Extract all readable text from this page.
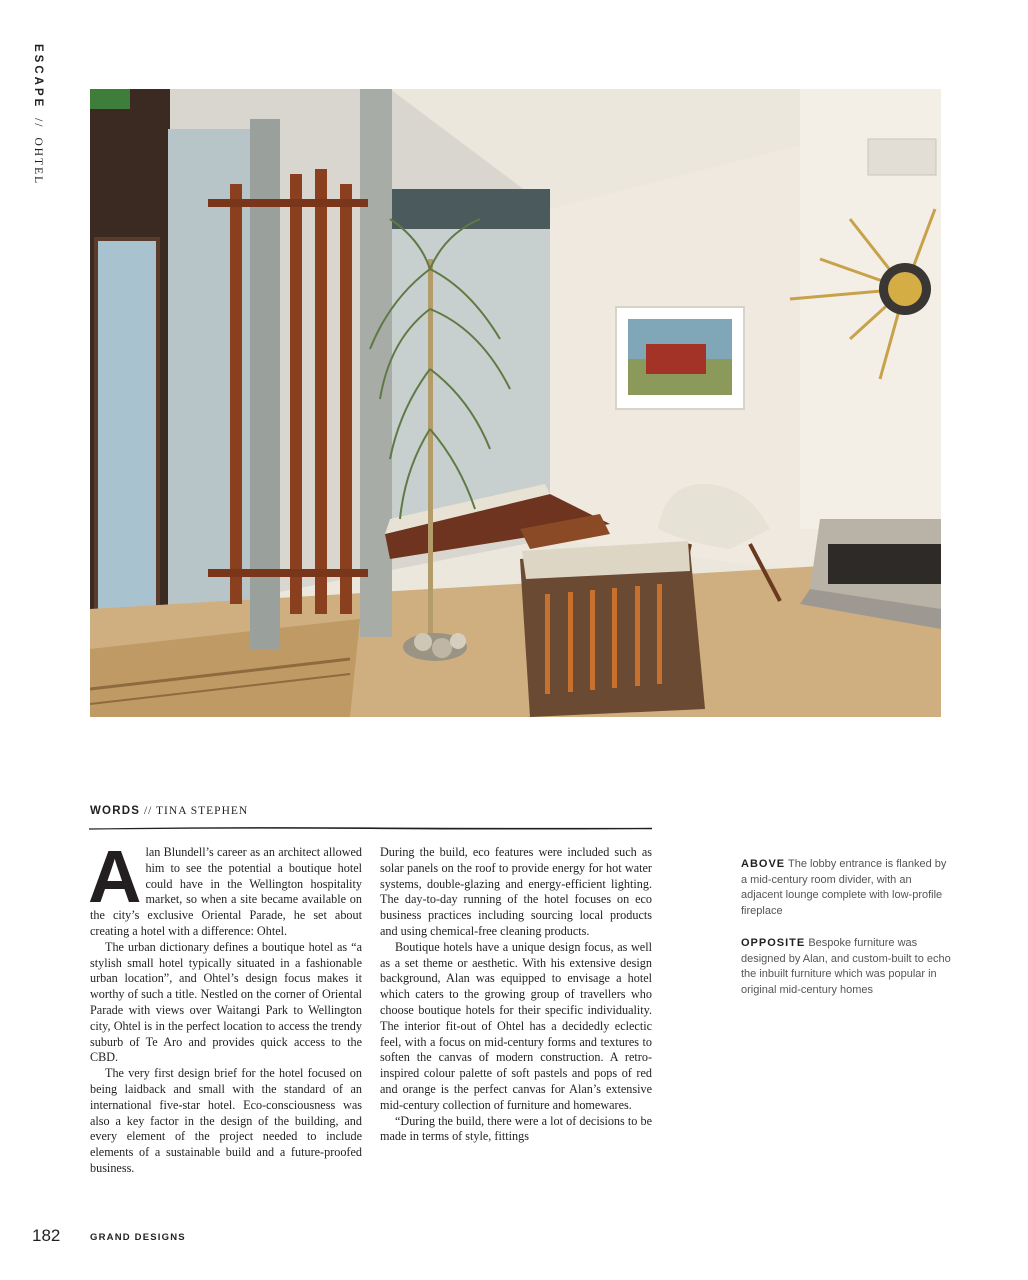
ESCAPE // OHTEL
WORDS // TINA STEPHEN

Alan Blundell’s career as an architect allowed him to see the potential a boutique hotel could have in the Wellington hospitality market, so when a site became available on the city’s exclusive Oriental Parade, he set about creating a hotel with a difference: Ohtel.

The urban dictionary defines a boutique hotel as “a stylish small hotel typically situated in a fashionable urban location”, and Ohtel’s design focus makes it worthy of such a title. Nestled on the corner of Oriental Parade with views over Waitangi Park to Wellington city, Ohtel is in the perfect location to access the trendy suburb of Te Aro and provides quick access to the CBD.

The very first design brief for the hotel focused on being laidback and small with the standard of an international five-star hotel. Eco-consciousness was also a key factor in the design of the building, and every element of the project needed to include elements of a sustainable build and a future-proofed business.

During the build, eco features were included such as solar panels on the roof to provide energy for hot water systems, double-glazing and energy-efficient lighting. The day-to-day running of the hotel focuses on eco business practices including sourcing local products and using chemical-free cleaning products.

Boutique hotels have a unique design focus, as well as a set theme or aesthetic. With his extensive design background, Alan was equipped to envisage a hotel which caters to the growing group of travellers who choose boutique hotels for their specific individuality. The interior fit-out of Ohtel has a decidedly eclectic feel, with a focus on mid-century forms and textures to soften the canvas of modern construction. A retro-inspired colour palette of soft pastels and pops of red and orange is the perfect canvas for Alan’s extensive mid-century collection of furniture and homewares.

“During the build, there were a lot of decisions to be made in terms of style, fittings

ABOVE The lobby entrance is flanked by a mid-century room divider, with an adjacent lounge complete with low-profile fireplace

OPPOSITE Bespoke furniture was designed by Alan, and custom-built to echo the inbuilt furniture which was popular in original mid-century homes

182	GRAND DESIGNS
